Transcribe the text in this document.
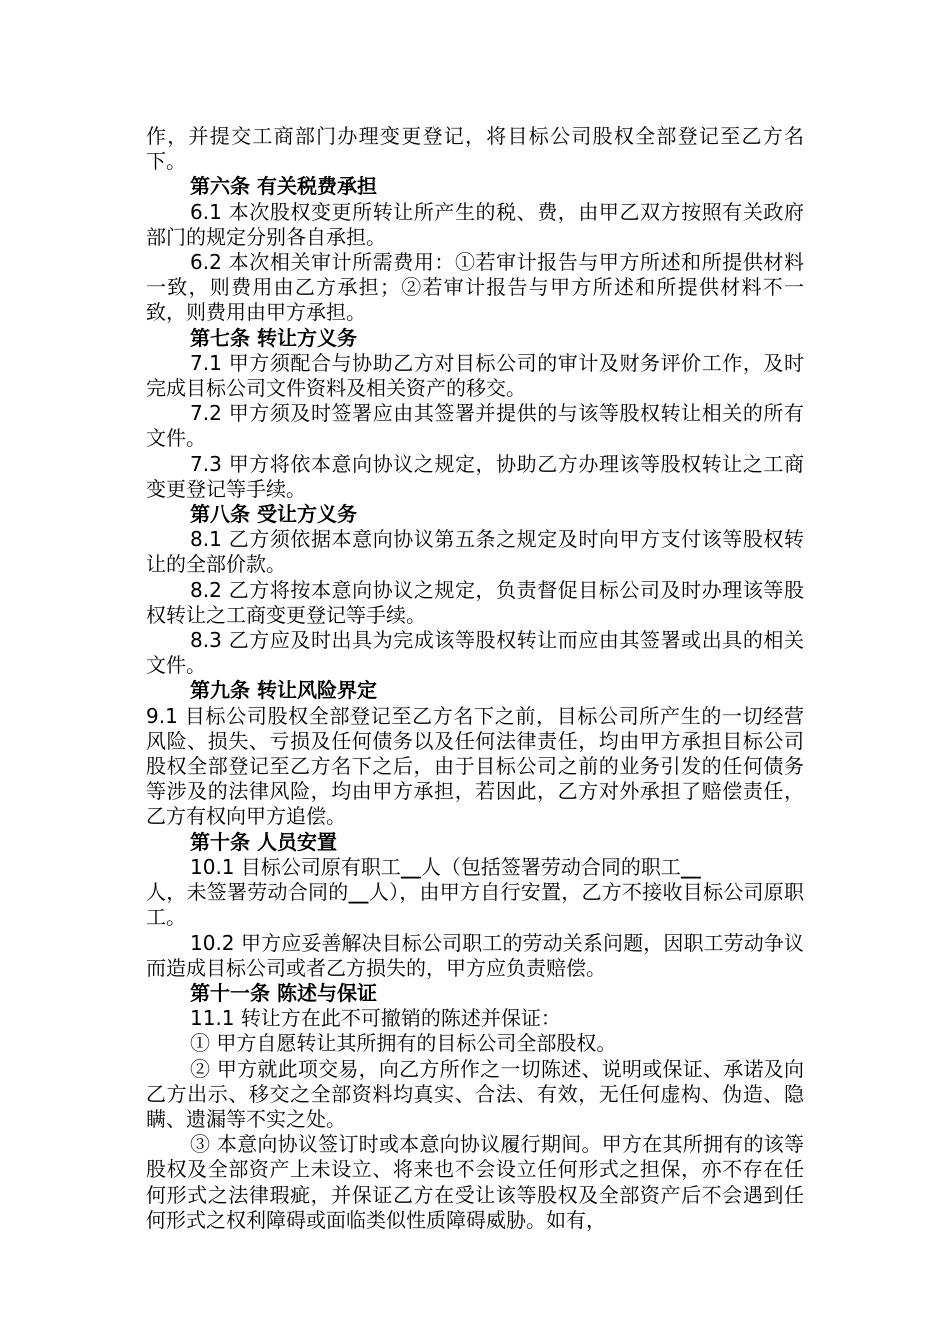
作，并提交工商部门办理变更登记，将目标公司股权全部登记至乙方名下。

第六条 有关税费承担

6.1 本次股权变更所转让所产生的税、费，由甲乙双方按照有关政府部门的规定分别各自承担。

6.2 本次相关审计所需费用：①若审计报告与甲方所述和所提供材料一致，则费用由乙方承担；②若审计报告与甲方所述和所提供材料不一致，则费用由甲方承担。

第七条 转让方义务

7.1 甲方须配合与协助乙方对目标公司的审计及财务评价工作，及时完成目标公司文件资料及相关资产的移交。

7.2 甲方须及时签署应由其签署并提供的与该等股权转让相关的所有文件。

7.3 甲方将依本意向协议之规定，协助乙方办理该等股权转让之工商变更登记等手续。

第八条 受让方义务

8.1 乙方须依据本意向协议第五条之规定及时向甲方支付该等股权转让的全部价款。

8.2 乙方将按本意向协议之规定，负责督促目标公司及时办理该等股权转让之工商变更登记等手续。

8.3 乙方应及时出具为完成该等股权转让而应由其签署或出具的相关文件。

第九条 转让风险界定

9.1 目标公司股权全部登记至乙方名下之前，目标公司所产生的一切经营风险、损失、亏损及任何债务以及任何法律责任，均由甲方承担目标公司股权全部登记至乙方名下之后，由于目标公司之前的业务引发的任何债务等涉及的法律风险，均由甲方承担，若因此，乙方对外承担了赔偿责任，乙方有权向甲方追偿。

第十条 人员安置

10.1 目标公司原有职工__人（包括签署劳动合同的职工__
人，未签署劳动合同的__人），由甲方自行安置，乙方不接收目标公司原职工。

10.2 甲方应妥善解决目标公司职工的劳动关系问题，因职工劳动争议而造成目标公司或者乙方损失的，甲方应负责赔偿。

第十一条 陈述与保证

11.1 转让方在此不可撤销的陈述并保证：

① 甲方自愿转让其所拥有的目标公司全部股权。

② 甲方就此项交易，向乙方所作之一切陈述、说明或保证、承诺及向乙方出示、移交之全部资料均真实、合法、有效，无任何虚构、伪造、隐瞒、遗漏等不实之处。

③ 本意向协议签订时或本意向协议履行期间。甲方在其所拥有的该等股权及全部资产上未设立、将来也不会设立任何形式之担保，亦不存在任何形式之法律瑕疵，并保证乙方在受让该等股权及全部资产后不会遇到任何形式之权利障碍或面临类似性质障碍威胁。如有，
